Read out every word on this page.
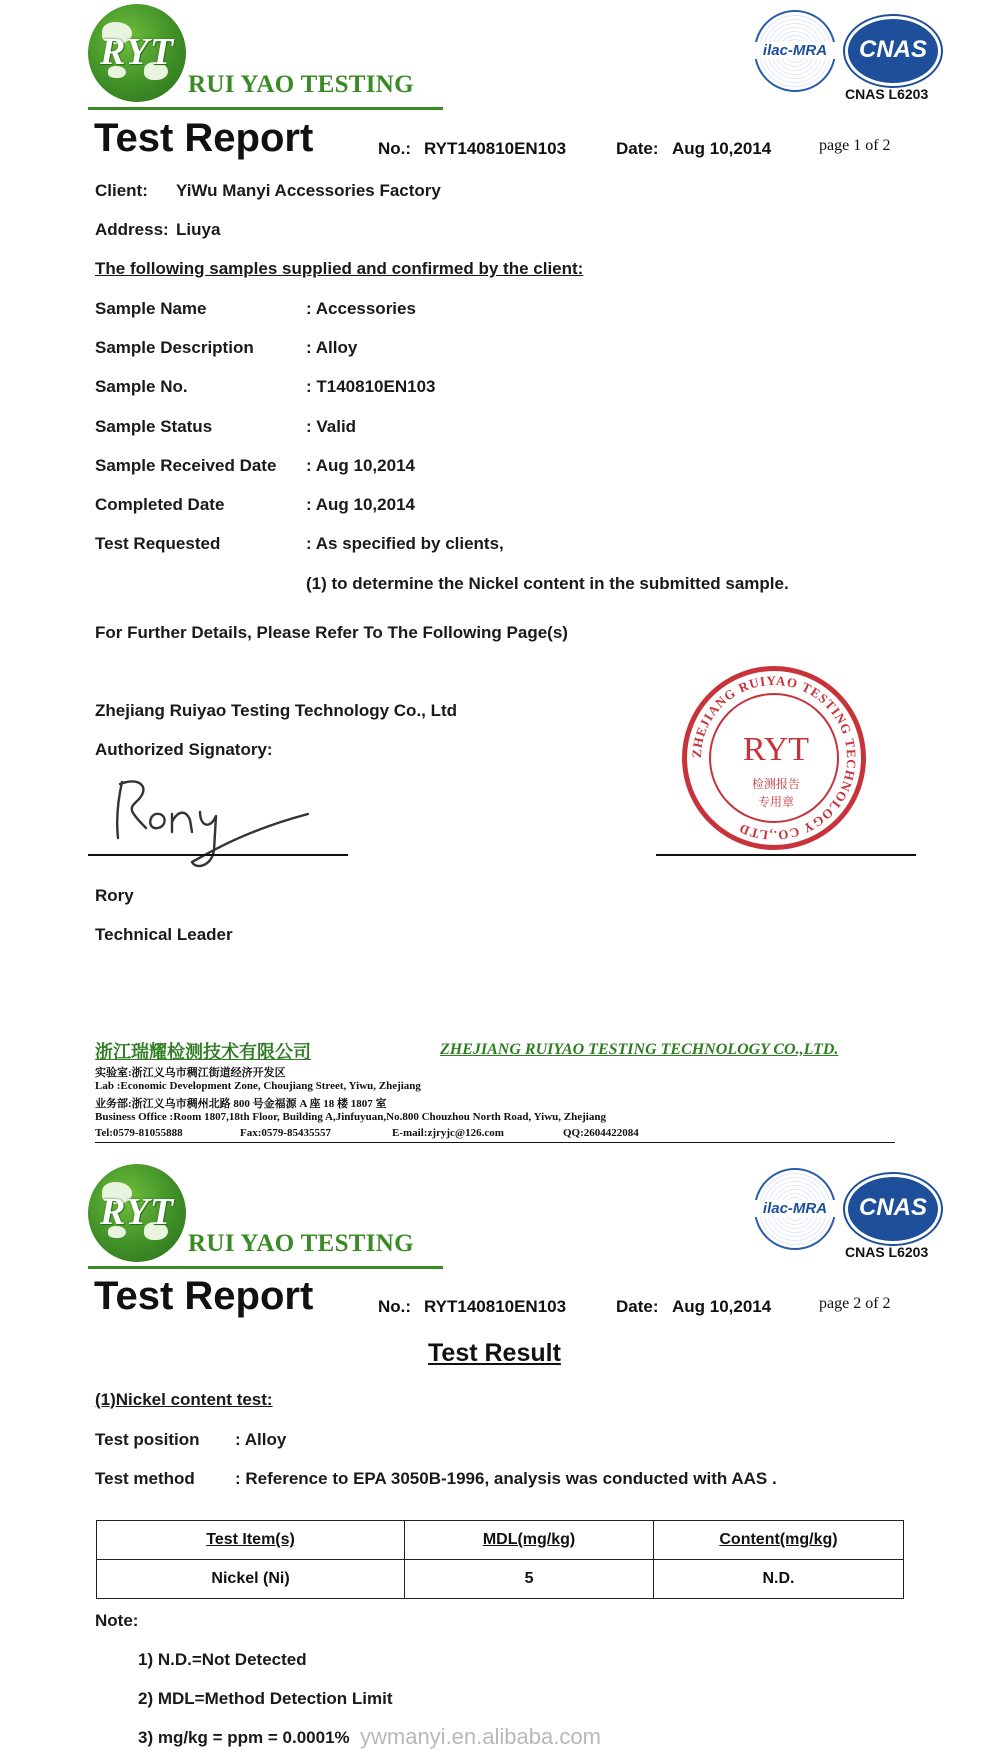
RYT
RUI YAO TESTING
ilac-MRA	CNAS
CNAS L6203
Test Report	No.: RYT140810EN103	Date: Aug 10,2014	page 1 of 2
Client: YiWu Manyi Accessories Factory
Address: Liuya
The following samples supplied and confirmed by the client:
Sample Name	: Accessories
Sample Description	: Alloy
Sample No.	: T140810EN103
Sample Status	: Valid
Sample Received Date : Aug 10,2014
Completed Date	: Aug 10,2014
Test Requested	: As specified by clients,
(1) to determine the Nickel content in the submitted sample.
For Further Details, Please Refer To The Following Page(s)
Zhejiang Ruiyao Testing Technology Co., Ltd
Authorized Signatory:	ZHEJIANG RUIYAO TESTING TECHNOLOGY CO.,LTD
RYT
检测报告
专用章
Rory
Technical Leader
浙江瑞耀检测技术有限公司	ZHEJIANG RUIYAO TESTING TECHNOLOGY CO.,LTD.
实验室:浙江义乌市稠江街道经济开发区
Lab :Economic Development Zone, Choujiang Street, Yiwu, Zhejiang
业务部:浙江义乌市稠州北路 800 号金福源 A 座 18 楼 1807 室
Business Office :Room 1807,18th Floor, Building A,Jinfuyuan,No.800 Chouzhou North Road, Yiwu, Zhejiang
Tel:0579-81055888	Fax:0579-85435557	E-mail:zjryjc@126.com	QQ:2604422084
RYT
RUI YAO TESTING
ilac-MRA	CNAS
CNAS L6203
Test Report	No.: RYT140810EN103	Date: Aug 10,2014	page 2 of 2
Test Result
(1)Nickel content test:
Test position : Alloy
Test method : Reference to EPA 3050B-1996, analysis was conducted with AAS .
Test Item(s)	MDL(mg/kg)	Content(mg/kg)
Nickel (Ni)	5	N.D.
Note:
1) N.D.=Not Detected
2) MDL=Method Detection Limit
3) mg/kg = ppm = 0.0001% ywmanyi.en.alibaba.com
